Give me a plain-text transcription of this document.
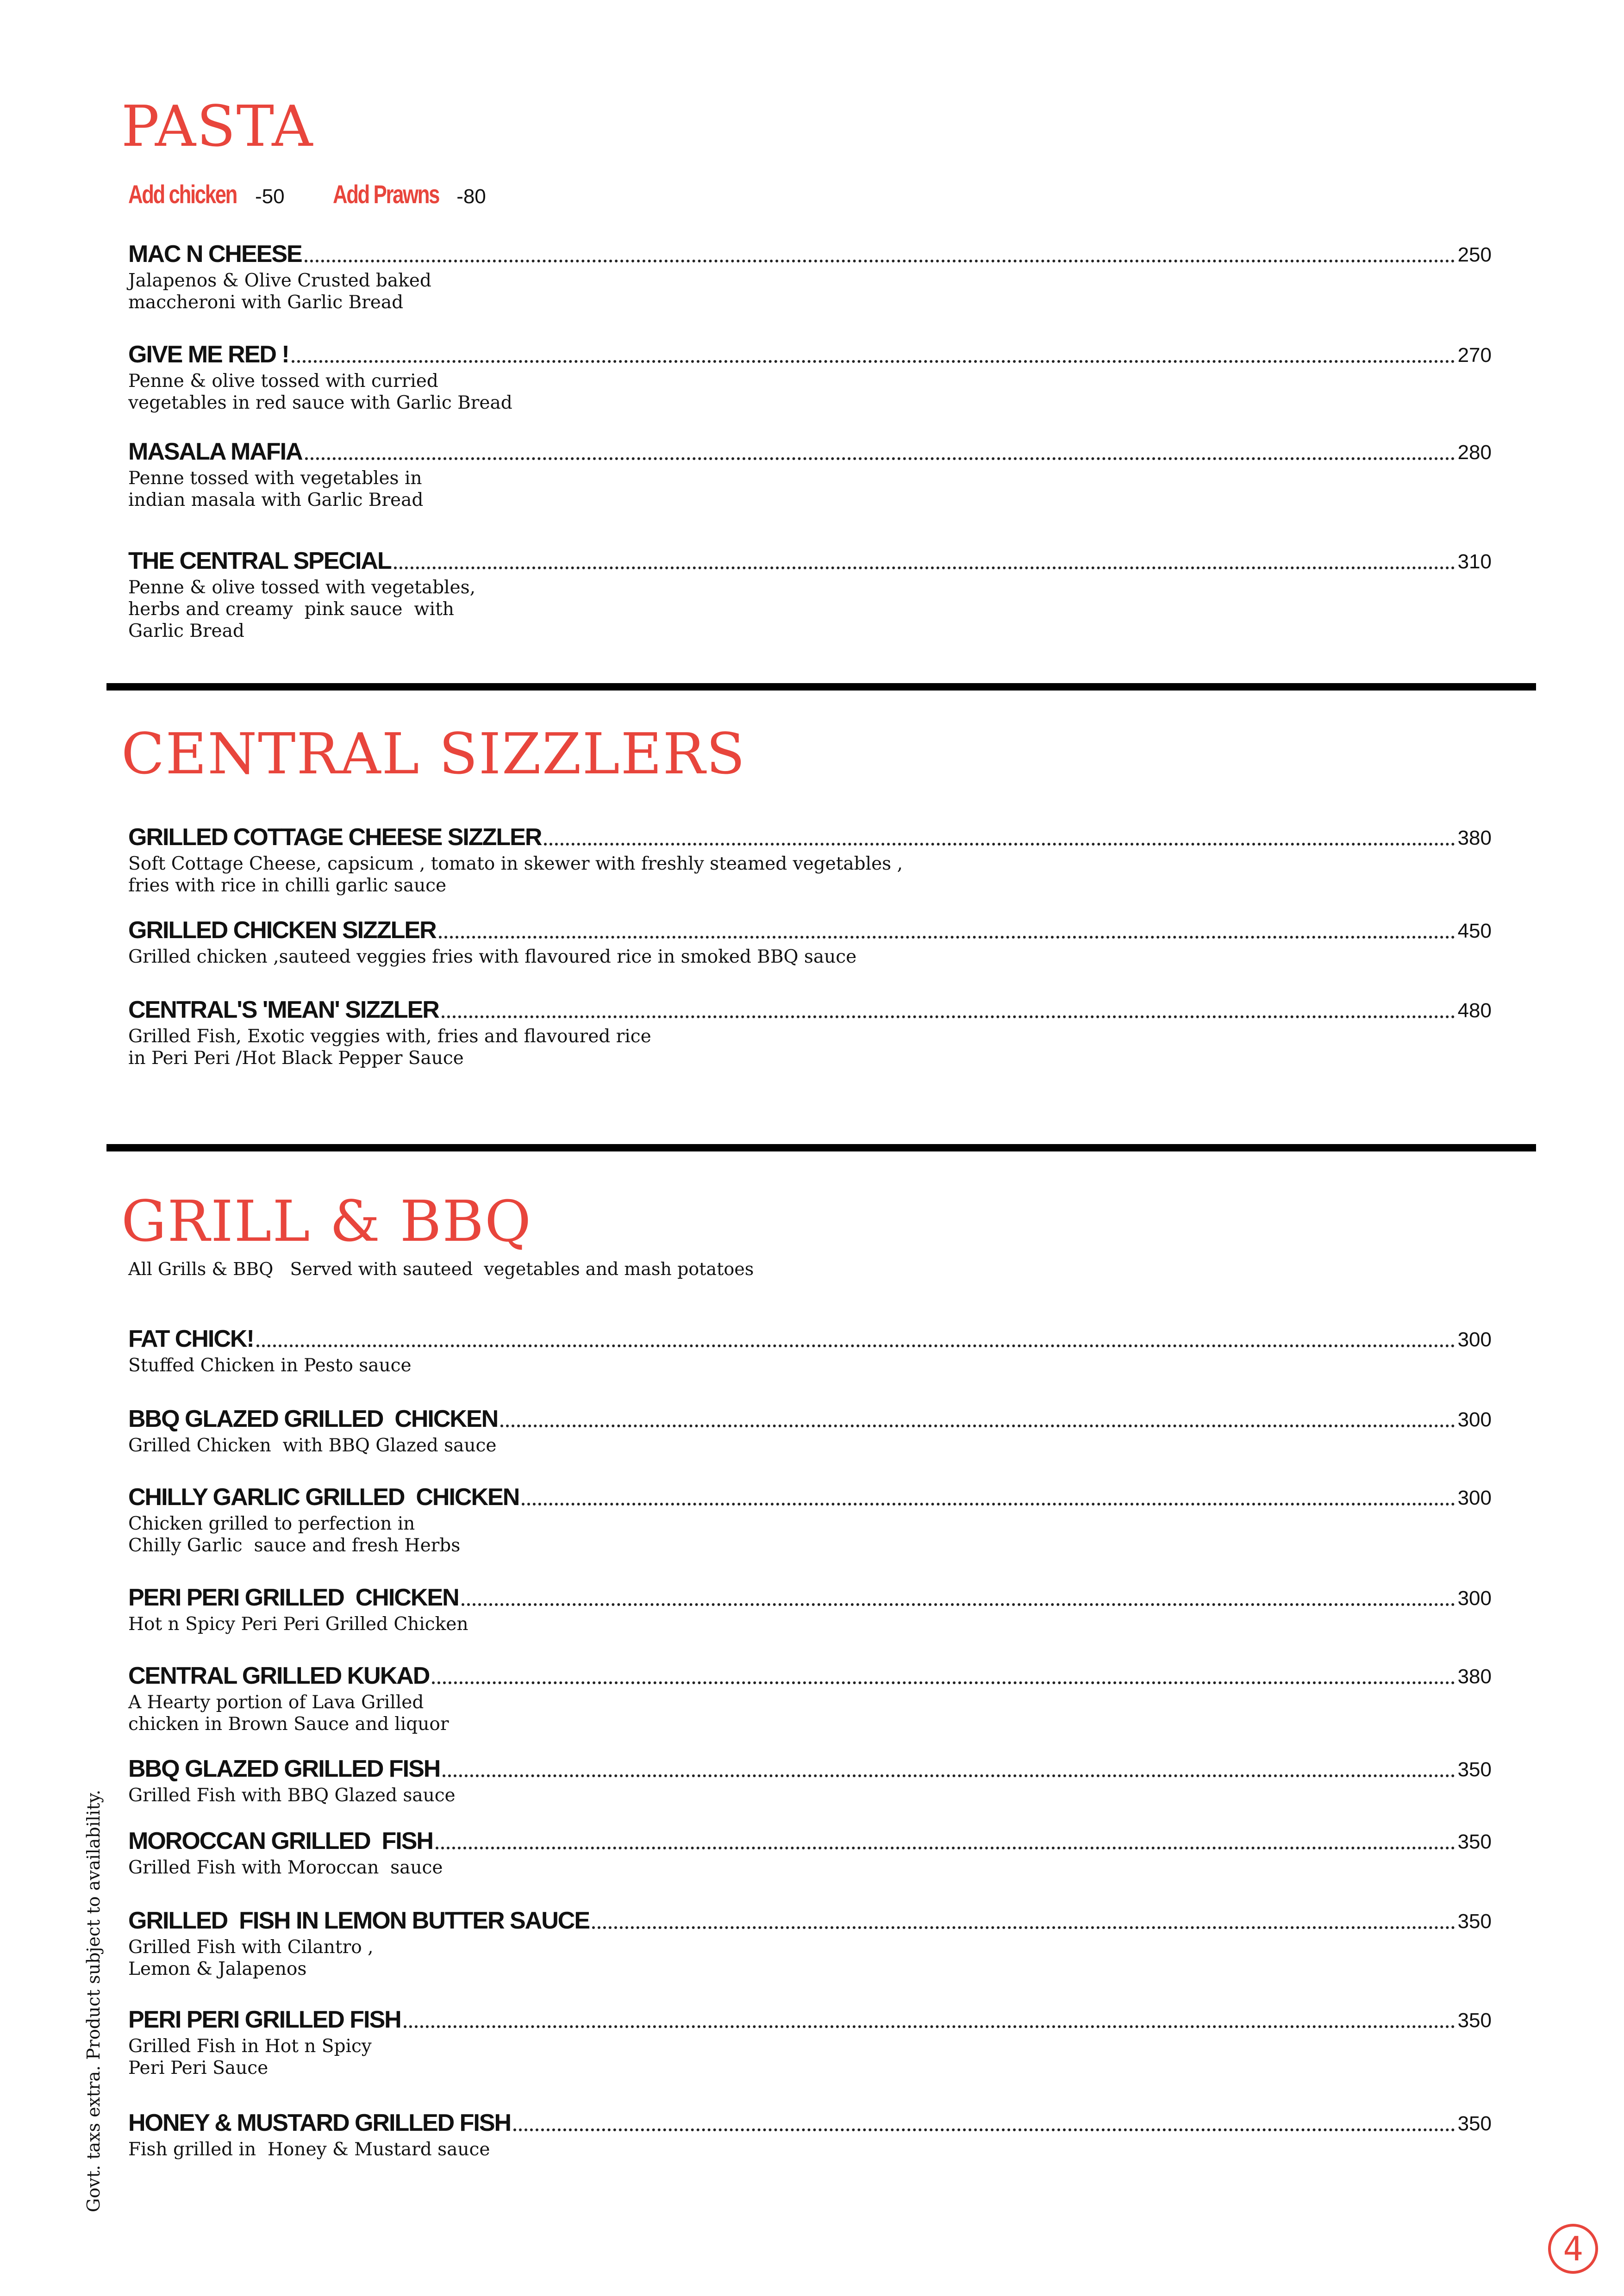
PASTA
Add chicken -50 Add Prawns -80
CENTRAL SIZZLERS
GRILL & BBQ
All Grills & BBQ   Served with sauteed  vegetables and mash potatoes
MAC N CHEESE	250
Jalapenos & Olive Crusted baked
maccheroni with Garlic Bread
GIVE ME RED !	270
Penne & olive tossed with curried
vegetables in red sauce with Garlic Bread
MASALA MAFIA	280
Penne tossed with vegetables in
indian masala with Garlic Bread
THE CENTRAL SPECIAL	310
Penne & olive tossed with vegetables,
herbs and creamy  pink sauce  with
Garlic Bread
GRILLED COTTAGE CHEESE SIZZLER	380
Soft Cottage Cheese, capsicum , tomato in skewer with freshly steamed vegetables ,
fries with rice in chilli garlic sauce
GRILLED CHICKEN SIZZLER	450
Grilled chicken ,sauteed veggies fries with flavoured rice in smoked BBQ sauce
CENTRAL'S 'MEAN' SIZZLER	480
Grilled Fish, Exotic veggies with, fries and flavoured rice
in Peri Peri /Hot Black Pepper Sauce
FAT CHICK!	300
Stuffed Chicken in Pesto sauce
BBQ GLAZED GRILLED  CHICKEN	300
Grilled Chicken  with BBQ Glazed sauce
CHILLY GARLIC GRILLED  CHICKEN	300
Chicken grilled to perfection in
Chilly Garlic  sauce and fresh Herbs
PERI PERI GRILLED  CHICKEN	300
Hot n Spicy Peri Peri Grilled Chicken
CENTRAL GRILLED KUKAD	380
A Hearty portion of Lava Grilled
chicken in Brown Sauce and liquor
BBQ GLAZED GRILLED FISH	350
Grilled Fish with BBQ Glazed sauce
MOROCCAN GRILLED  FISH	350
Grilled Fish with Moroccan  sauce
GRILLED  FISH IN LEMON BUTTER SAUCE	350
Grilled Fish with Cilantro ,
Lemon & Jalapenos
PERI PERI GRILLED FISH	350
Grilled Fish in Hot n Spicy
Peri Peri Sauce
HONEY & MUSTARD GRILLED FISH	350
Fish grilled in  Honey & Mustard sauce
Govt. taxs extra. Product subject to availability.
4
